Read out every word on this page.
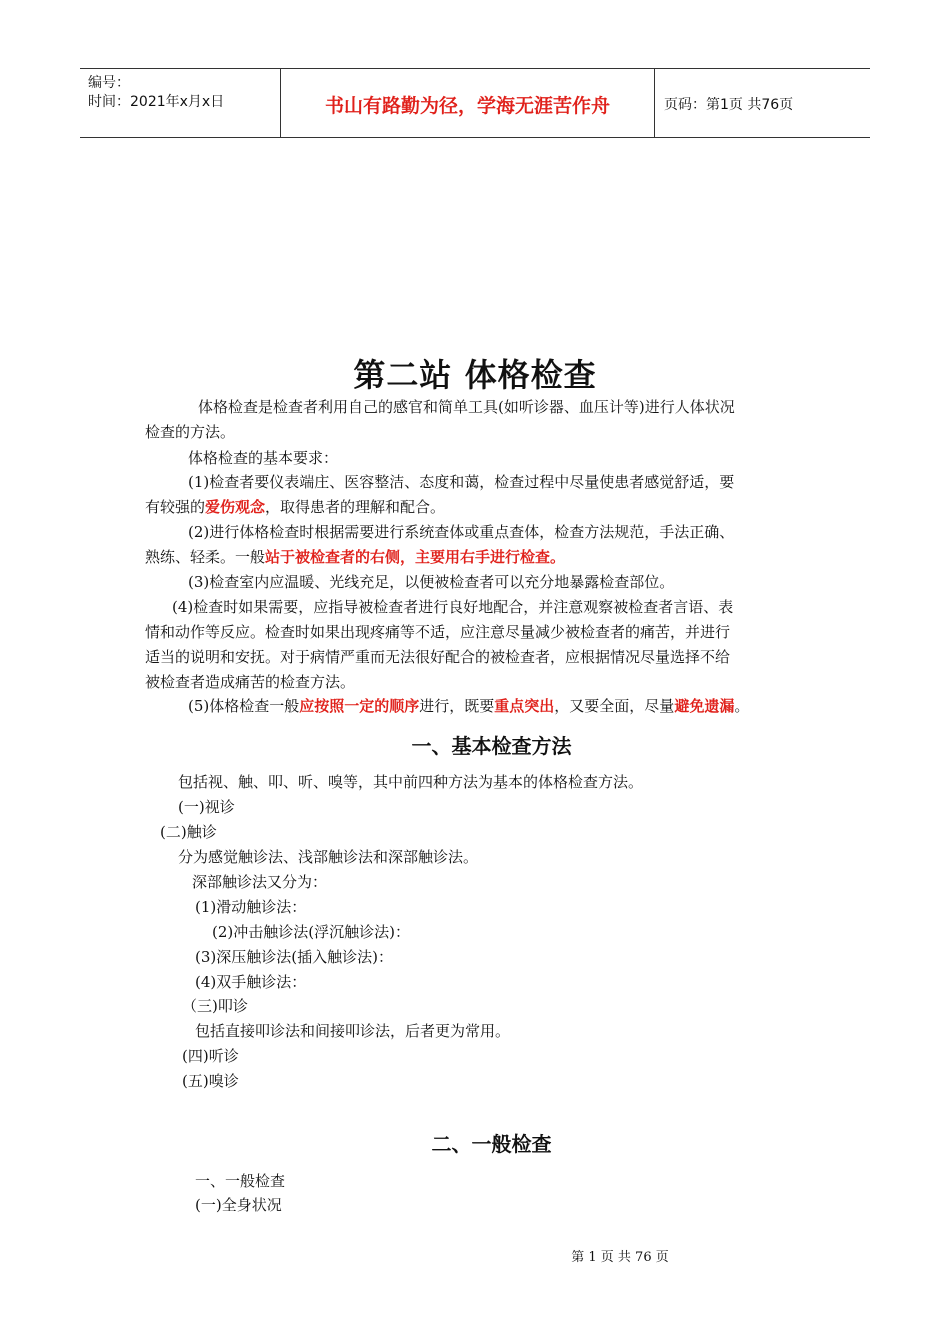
编号：
时间：2021年x月x日	书山有路勤为径，学海无涯苦作舟	页码：第1页 共76页
第二站 体格检查
体格检查是检查者利用自己的感官和简单工具(如听诊器、血压计等)进行人体状况
检查的方法。
体格检查的基本要求：
(1)检查者要仪表端庄、医容整洁、态度和蔼，检查过程中尽量使患者感觉舒适，要
有较强的爱伤观念，取得患者的理解和配合。
(2)进行体格检查时根据需要进行系统查体或重点查体，检查方法规范，手法正确、
熟练、轻柔。一般站于被检查者的右侧，主要用右手进行检查。
(3)检查室内应温暖、光线充足，以便被检查者可以充分地暴露检查部位。
(4)检查时如果需要，应指导被检查者进行良好地配合，并注意观察被检查者言语、表
情和动作等反应。检查时如果出现疼痛等不适，应注意尽量减少被检查者的痛苦，并进行
适当的说明和安抚。对于病情严重而无法很好配合的被检查者，应根据情况尽量选择不给
被检查者造成痛苦的检查方法。
(5)体格检查一般应按照一定的顺序进行，既要重点突出，又要全面，尽量避免遗漏。
一、基本检查方法
包括视、触、叩、听、嗅等，其中前四种方法为基本的体格检查方法。
(一)视诊
(二)触诊
分为感觉触诊法、浅部触诊法和深部触诊法。
深部触诊法又分为：
(1)滑动触诊法：
(2)冲击触诊法(浮沉触诊法)：
(3)深压触诊法(插入触诊法)：
(4)双手触诊法：
（三)叩诊
包括直接叩诊法和间接叩诊法，后者更为常用。
(四)听诊
(五)嗅诊
二、一般检查
一、一般检查
(一)全身状况
第 1 页 共 76 页
